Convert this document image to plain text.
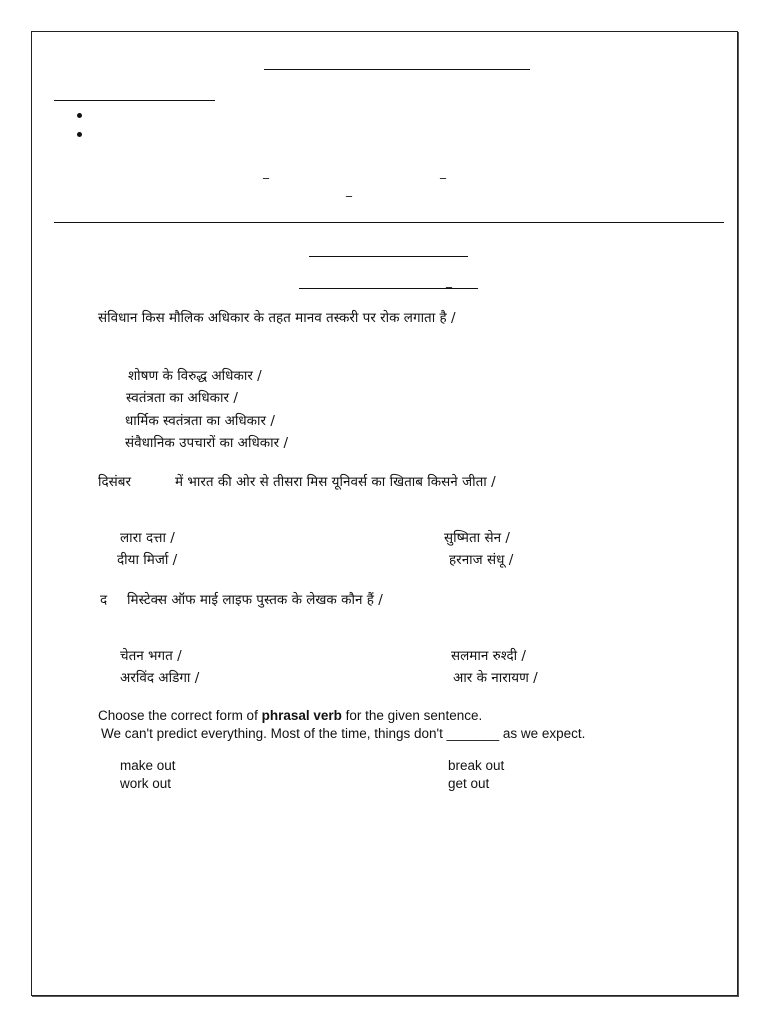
_	_
_
_
संविधान किस मौलिक अधिकार के तहत मानव तस्करी पर रोक लगाता है /
शोषण के विरुद्ध अधिकार /
स्वतंत्रता का अधिकार /
धार्मिक स्वतंत्रता का अधिकार /
संवैधानिक उपचारों का अधिकार /
दिसंबर	में भारत की ओर से तीसरा मिस यूनिवर्स का खिताब किसने जीता /
लारा दत्ता /	सुष्मिता सेन /
दीया मिर्जा /	हरनाज संधू /
द मिस्टेक्स ऑफ माई लाइफ पुस्तक के लेखक कौन हैं /
चेतन भगत /	सलमान रुश्दी /
अरविंद अडिगा /	आर के नारायण /
Choose the correct form of phrasal verb for the given sentence.
We can't predict everything. Most of the time, things don't _______ as we expect.
make out	break out
work out	get out
